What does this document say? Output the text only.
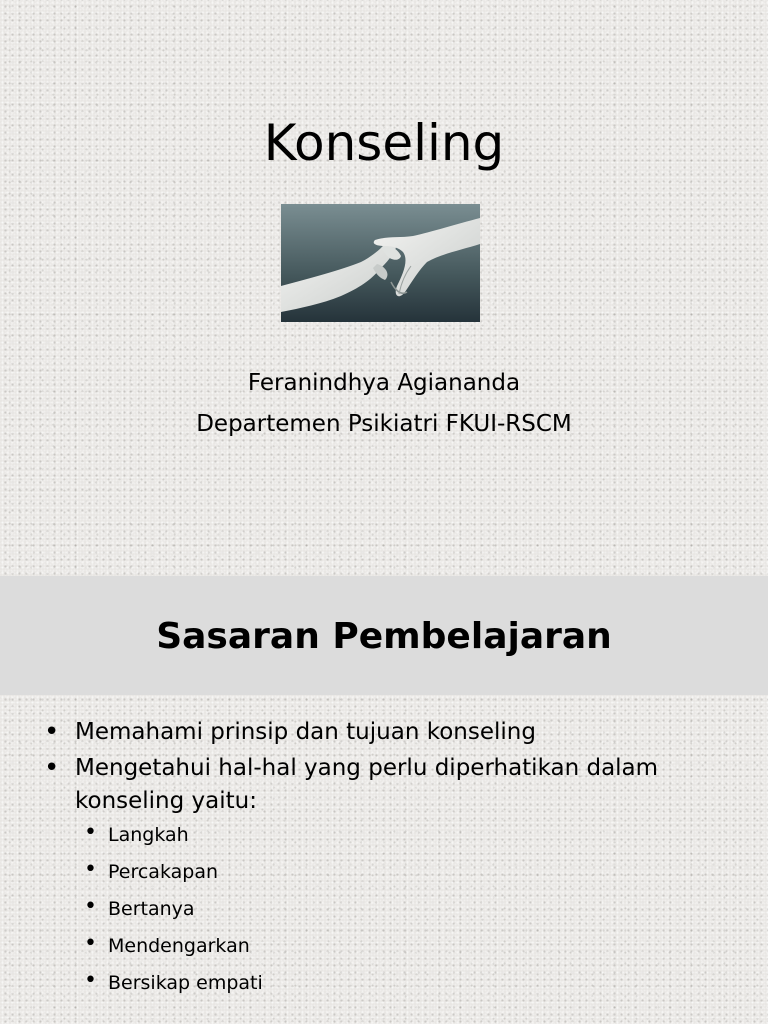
Konseling

Feranindhya Agiananda

Departemen Psikiatri FKUI-RSCM

Sasaran Pembelajaran
• Memahami prinsip dan tujuan konseling
• Mengetahui hal-hal yang perlu diperhatikan dalam konseling yaitu:
• Langkah
• Percakapan
• Bertanya
• Mendengarkan
• Bersikap empati
